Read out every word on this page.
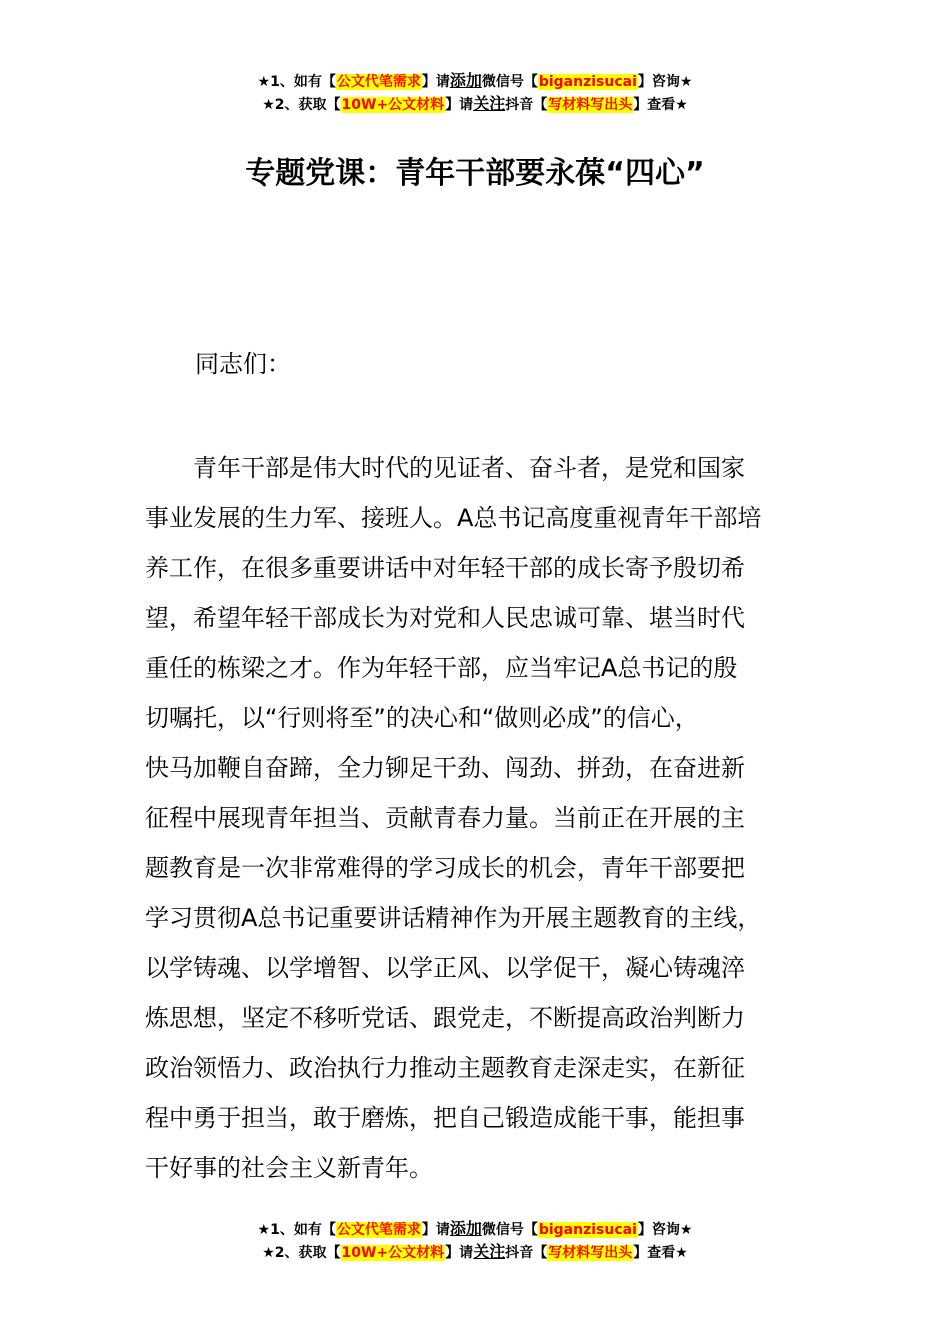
★1、如有【公文代笔需求】请添加微信号【biganzisucai】咨询★
★2、获取【10W+公文材料】请关注抖音【写材料写出头】查看★
专题党课：青年干部要永葆“四心”
同志们：
　　青年干部是伟大时代的见证者、奋斗者，是党和国家
事业发展的生力军、接班人。A总书记高度重视青年干部培
养工作，在很多重要讲话中对年轻干部的成长寄予殷切希
望，希望年轻干部成长为对党和人民忠诚可靠、堪当时代
重任的栋梁之才。作为年轻干部，应当牢记A总书记的殷
切嘱托，以“行则将至”的决心和“做则必成”的信心，
快马加鞭自奋蹄，全力铆足干劲、闯劲、拼劲，在奋进新
征程中展现青年担当、贡献青春力量。当前正在开展的主
题教育是一次非常难得的学习成长的机会，青年干部要把
学习贯彻A总书记重要讲话精神作为开展主题教育的主线，
以学铸魂、以学增智、以学正风、以学促干，凝心铸魂淬
炼思想，坚定不移听党话、跟党走，不断提高政治判断力
政治领悟力、政治执行力推动主题教育走深走实，在新征
程中勇于担当，敢于磨炼，把自己锻造成能干事，能担事
干好事的社会主义新青年。
★1、如有【公文代笔需求】请添加微信号【biganzisucai】咨询★
★2、获取【10W+公文材料】请关注抖音【写材料写出头】查看★
